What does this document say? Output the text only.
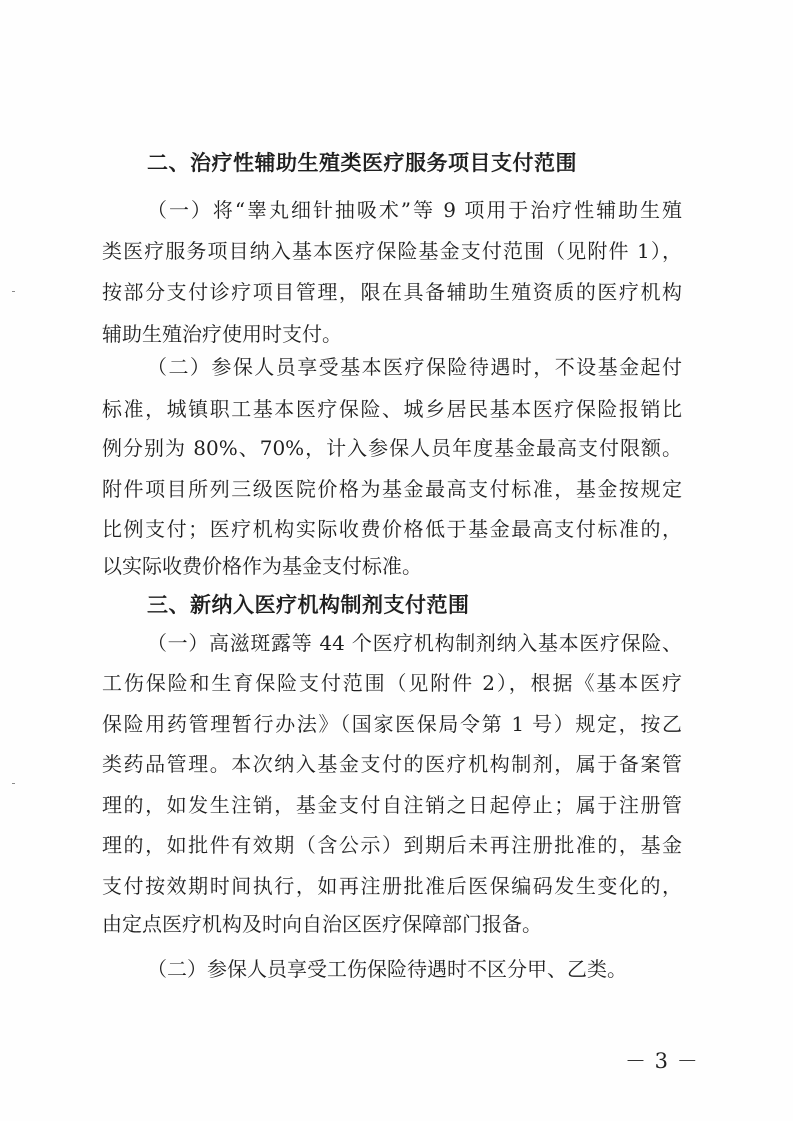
二、治疗性辅助生殖类医疗服务项目支付范围
（一）将“睾丸细针抽吸术”等 9 项用于治疗性辅助生殖
类医疗服务项目纳入基本医疗保险基金支付范围（见附件 1），
按部分支付诊疗项目管理，限在具备辅助生殖资质的医疗机构
辅助生殖治疗使用时支付。
（二）参保人员享受基本医疗保险待遇时，不设基金起付
标准，城镇职工基本医疗保险、城乡居民基本医疗保险报销比
例分别为 80%、70%，计入参保人员年度基金最高支付限额。
附件项目所列三级医院价格为基金最高支付标准，基金按规定
比例支付；医疗机构实际收费价格低于基金最高支付标准的，
以实际收费价格作为基金支付标准。
三、新纳入医疗机构制剂支付范围
（一）高滋斑露等 44 个医疗机构制剂纳入基本医疗保险、
工伤保险和生育保险支付范围（见附件 2），根据《基本医疗
保险用药管理暂行办法》（国家医保局令第 1 号）规定，按乙
类药品管理。本次纳入基金支付的医疗机构制剂，属于备案管
理的，如发生注销，基金支付自注销之日起停止；属于注册管
理的，如批件有效期（含公示）到期后未再注册批准的，基金
支付按效期时间执行，如再注册批准后医保编码发生变化的，
由定点医疗机构及时向自治区医疗保障部门报备。
（二）参保人员享受工伤保险待遇时不区分甲、乙类。
－ 3 －
